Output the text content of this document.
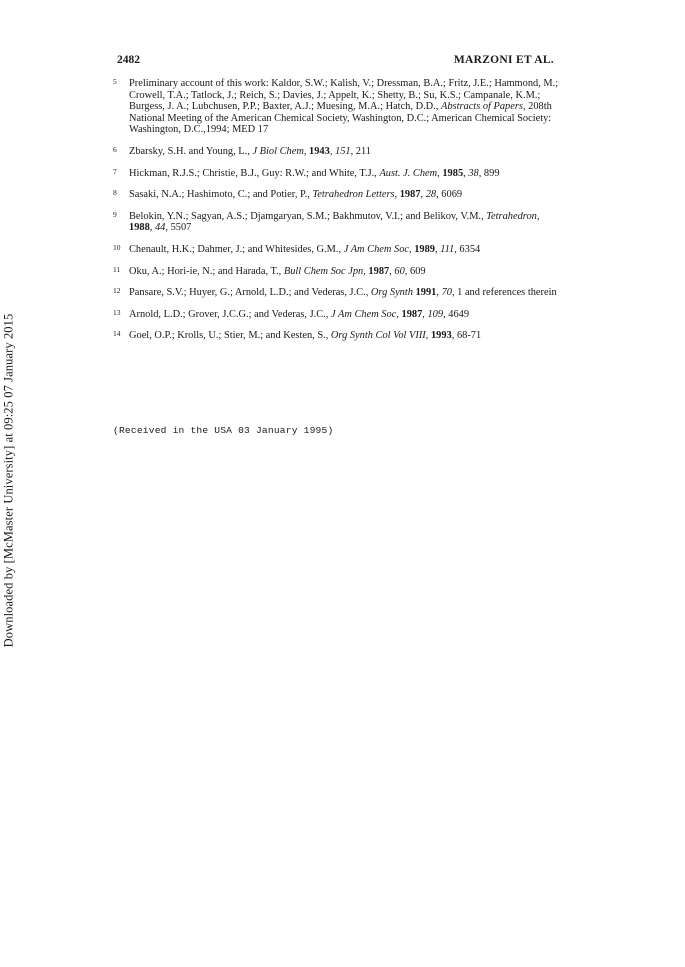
Downloaded by [McMaster University] at 09:25 07 January 2015
2482	MARZONI ET AL.
5 Preliminary account of this work: Kaldor, S.W.; Kalish, V.; Dressman, B.A.; Fritz, J.E.; Hammond, M.; Crowell, T.A.; Tatlock, J.; Reich, S.; Davies, J.; Appelt, K.; Shetty, B.; Su, K.S.; Campanale, K.M.; Burgess, J. A.; Lubchusen, P.P.; Baxter, A.J.; Muesing, M.A.; Hatch, D.D., Abstracts of Papers, 208th National Meeting of the American Chemical Society, Washington, D.C.; American Chemical Society: Washington, D.C.,1994; MED 17
6 Zbarsky, S.H. and Young, L., J Biol Chem, 1943, 151, 211
7 Hickman, R.J.S.; Christie, B.J., Guy: R.W.; and White, T.J., Aust. J. Chem, 1985, 38, 899
8 Sasaki, N.A.; Hashimoto, C.; and Potier, P., Tetrahedron Letters, 1987, 28, 6069
9 Belokin, Y.N.; Sagyan, A.S.; Djamgaryan, S.M.; Bakhmutov, V.I.; and Belikov, V.M., Tetrahedron, 1988, 44, 5507
10 Chenault, H.K.; Dahmer, J.; and Whitesides, G.M., J Am Chem Soc, 1989, 111, 6354
11 Oku, A.; Hori-ie, N.; and Harada, T., Bull Chem Soc Jpn, 1987, 60, 609
12 Pansare, S.V.; Huyer, G.; Arnold, L.D.; and Vederas, J.C., Org Synth 1991, 70, 1 and references therein
13 Arnold, L.D.; Grover, J.C.G.; and Vederas, J.C., J Am Chem Soc, 1987, 109, 4649
14 Goel, O.P.; Krolls, U.; Stier, M.; and Kesten, S., Org Synth Col Vol VIII, 1993, 68-71
(Received in the USA 03 January 1995)
